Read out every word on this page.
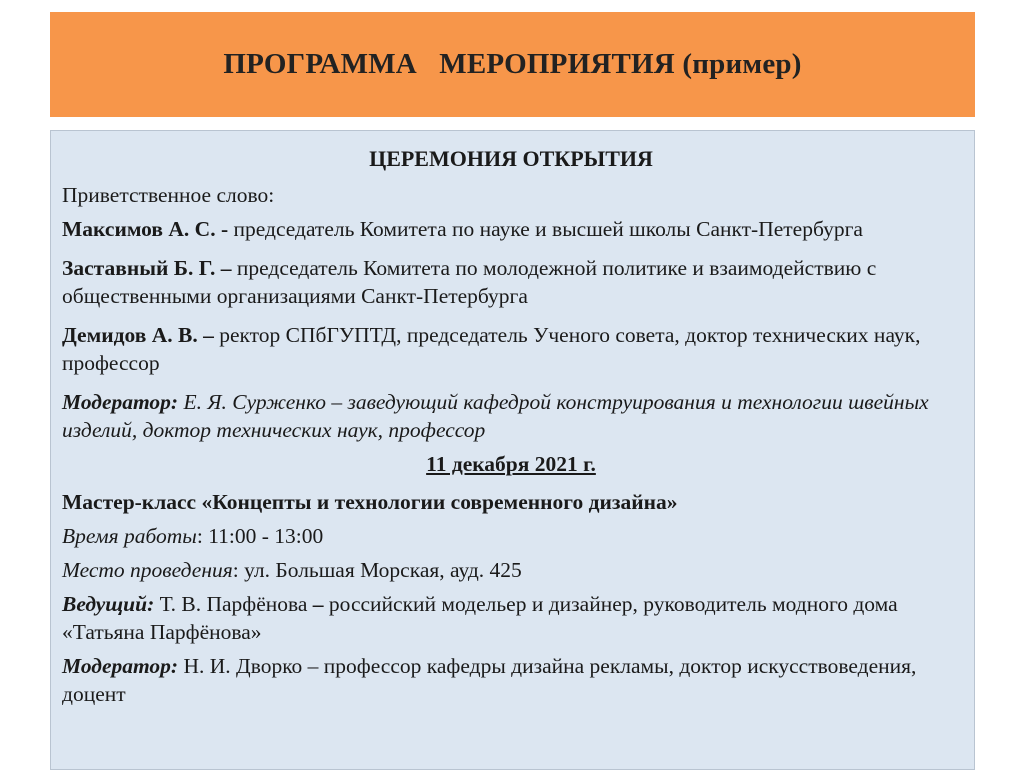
ПРОГРАММА   МЕРОПРИЯТИЯ (пример)
ЦЕРЕМОНИЯ ОТКРЫТИЯ
Приветственное слово:
Максимов А. С. - председатель Комитета по науке и высшей школы Санкт-Петербурга
Заставный Б. Г. – председатель Комитета по молодежной политике и взаимодействию с общественными организациями Санкт-Петербурга
Демидов А. В. – ректор СПбГУПТД, председатель Ученого совета, доктор технических наук, профессор
Модератор: Е. Я. Сурженко – заведующий кафедрой конструирования и технологии швейных изделий, доктор технических наук, профессор
11 декабря 2021 г.
Мастер-класс «Концепты и технологии современного дизайна»
Время работы: 11:00 - 13:00
Место проведения: ул. Большая Морская, ауд. 425
Ведущий: Т. В. Парфёнова – российский модельер и дизайнер, руководитель модного дома «Татьяна Парфёнова»
Модератор: Н. И. Дворко – профессор кафедры дизайна рекламы, доктор искусствоведения, доцент
